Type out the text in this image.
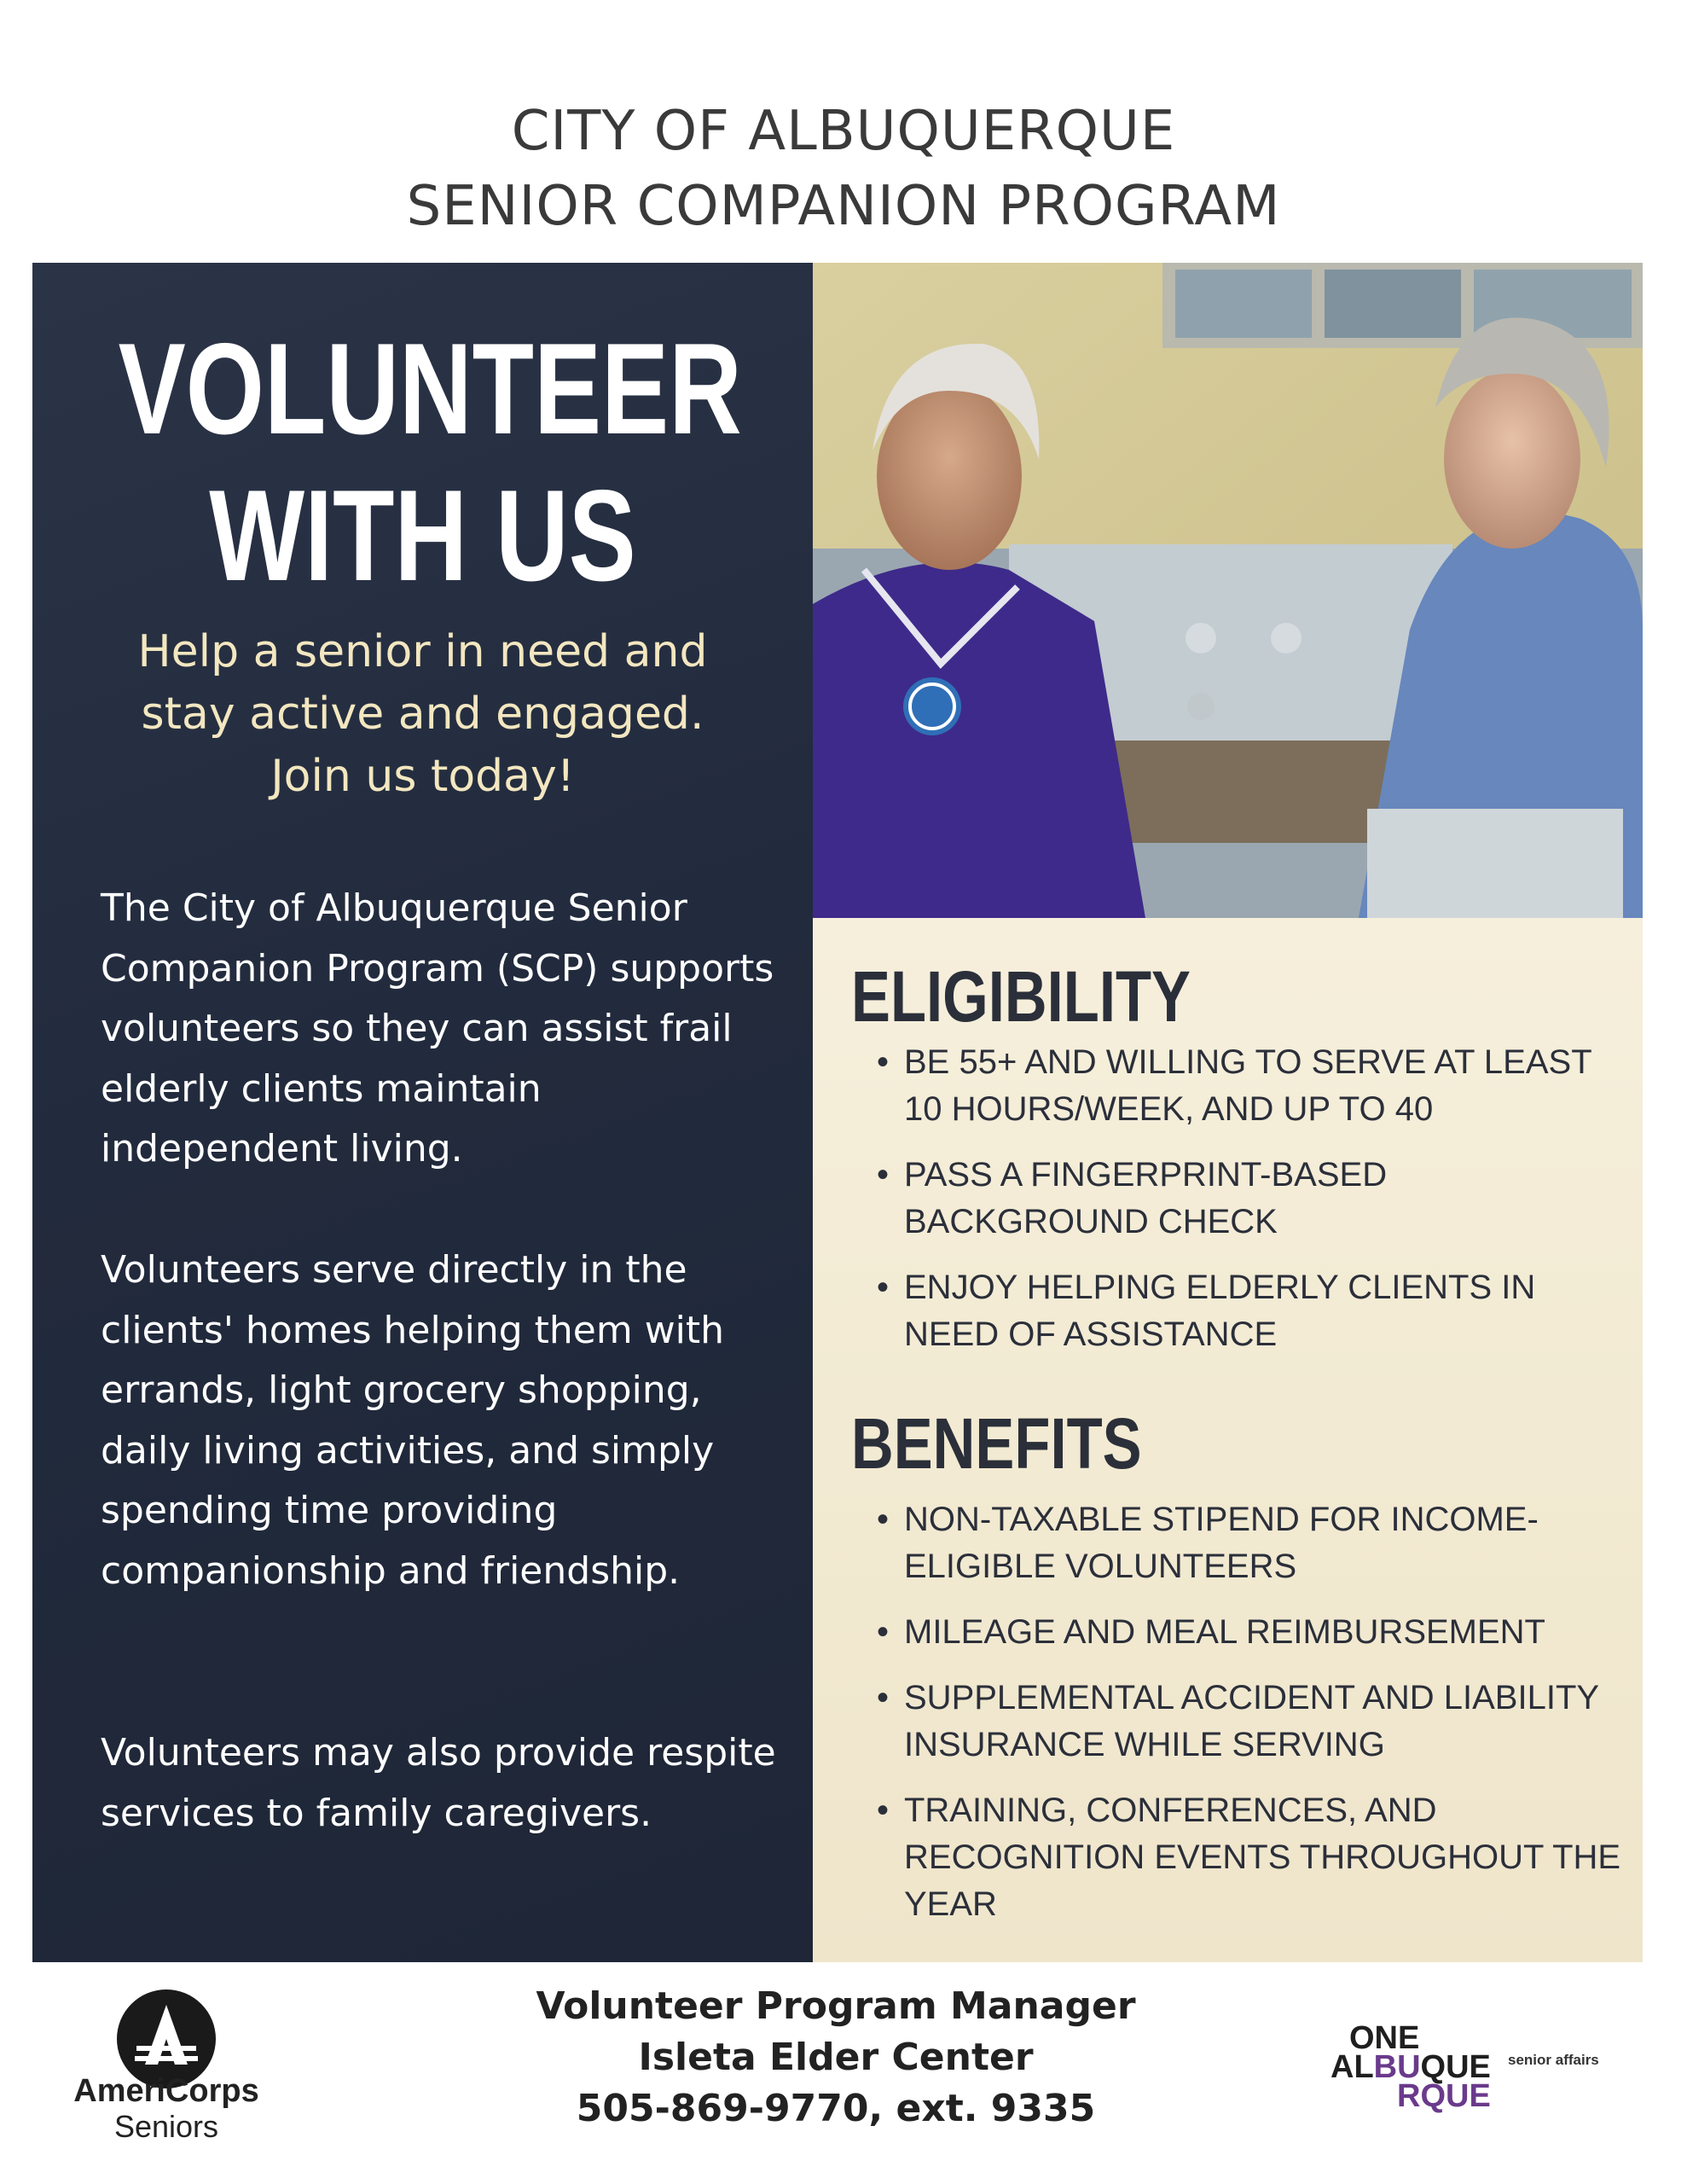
CITY OF ALBUQUERQUE
SENIOR COMPANION PROGRAM
VOLUNTEER
WITH US
Help a senior in need and
stay active and engaged.
Join us today!

The City of Albuquerque Senior Companion Program (SCP) supports volunteers so they can assist frail elderly clients maintain independent living.

Volunteers serve directly in the clients' homes helping them with errands, light grocery shopping, daily living activities, and simply spending time providing companionship and friendship.

Volunteers may also provide respite services to family caregivers.

ELIGIBILITY
• BE 55+ AND WILLING TO SERVE AT LEAST 10 HOURS/WEEK, AND UP TO 40
• PASS A FINGERPRINT-BASED BACKGROUND CHECK
• ENJOY HELPING ELDERLY CLIENTS IN NEED OF ASSISTANCE
BENEFITS
• NON-TAXABLE STIPEND FOR INCOME-ELIGIBLE VOLUNTEERS
• MILEAGE AND MEAL REIMBURSEMENT
• SUPPLEMENTAL ACCIDENT AND LIABILITY INSURANCE WHILE SERVING
• TRAINING, CONFERENCES, AND RECOGNITION EVENTS THROUGHOUT THE YEAR
AmeriCorps
Seniors
Volunteer Program Manager
Isleta Elder Center
505-869-9770, ext. 9335
ONE
ALBUQUE
RQUE
senior affairs
